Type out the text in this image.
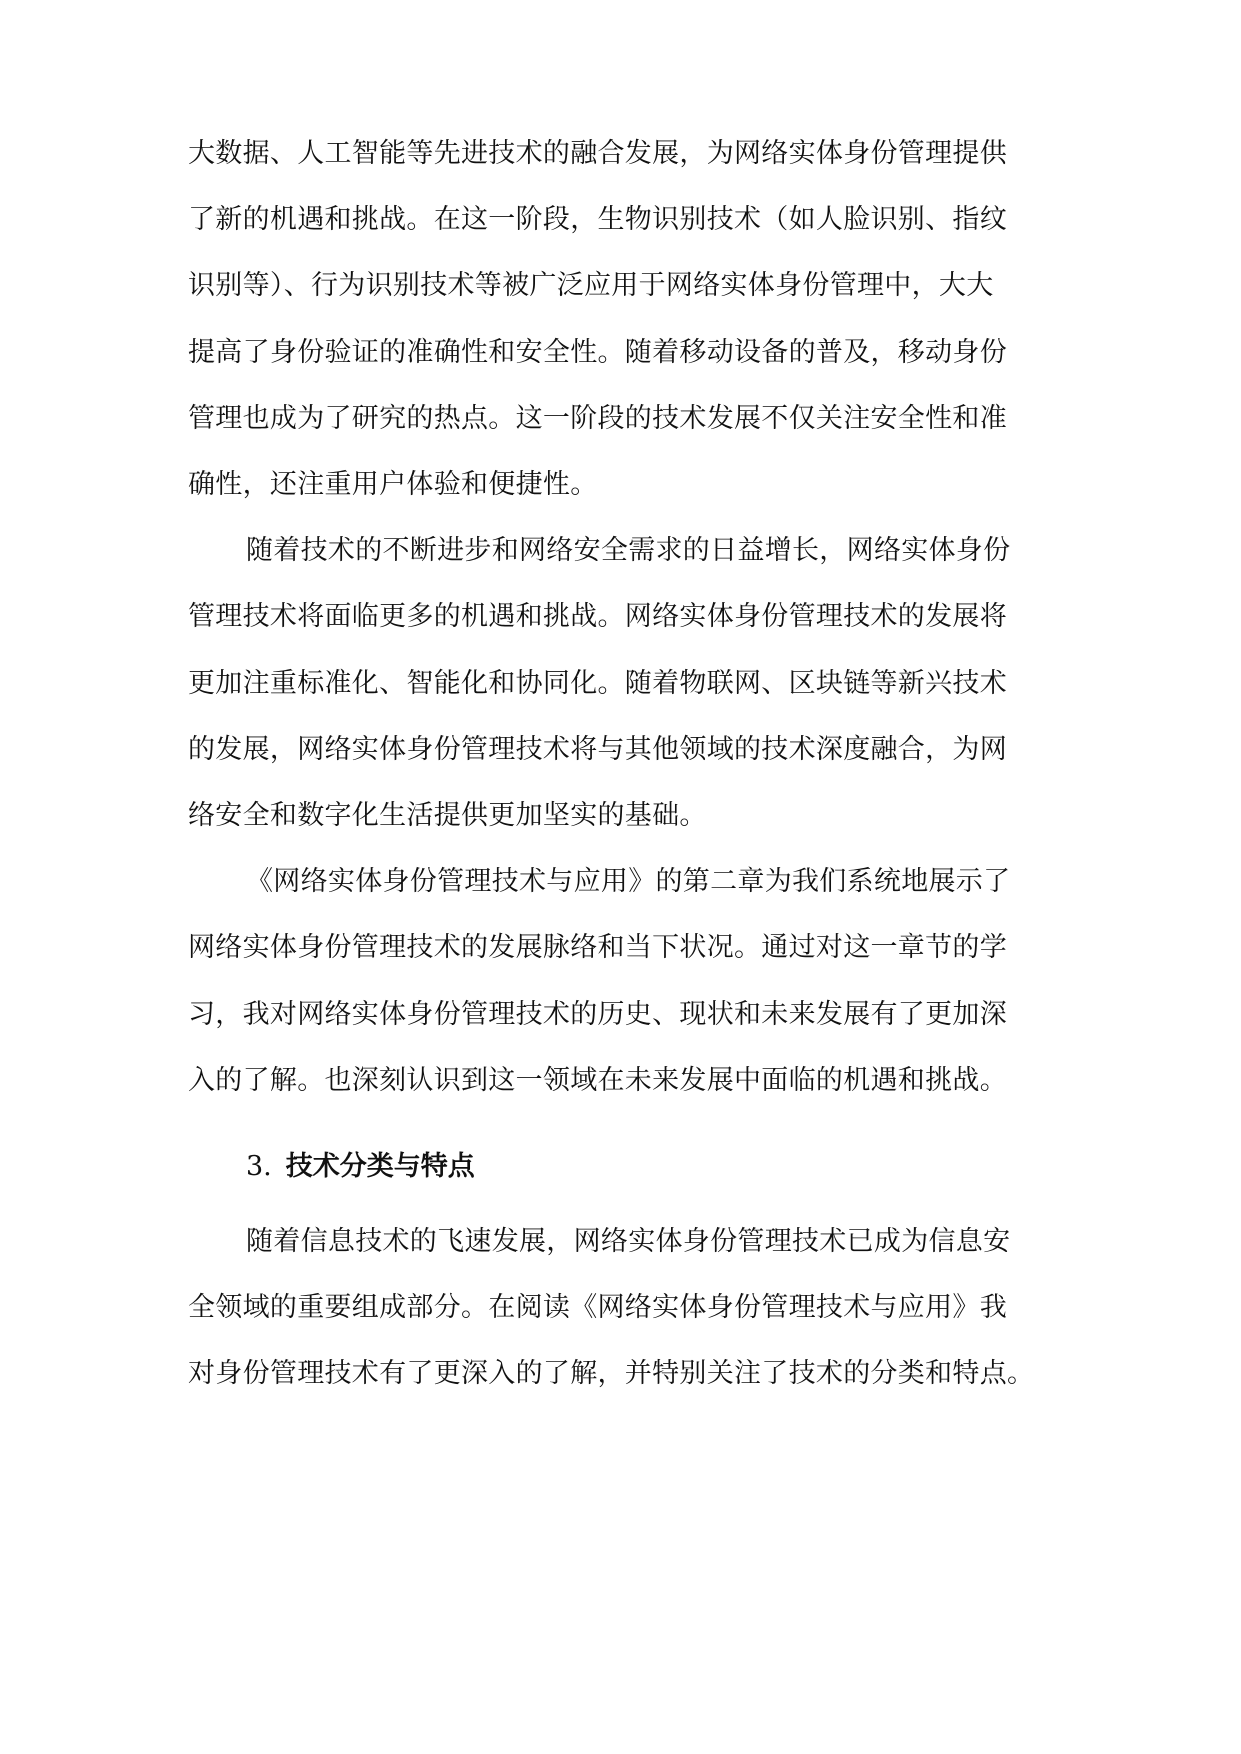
大数据、人工智能等先进技术的融合发展，为网络实体身份管理提供
了新的机遇和挑战。在这一阶段，生物识别技术（如人脸识别、指纹
识别等）、行为识别技术等被广泛应用于网络实体身份管理中，大大
提高了身份验证的准确性和安全性。随着移动设备的普及，移动身份
管理也成为了研究的热点。这一阶段的技术发展不仅关注安全性和准
确性，还注重用户体验和便捷性。
随着技术的不断进步和网络安全需求的日益增长，网络实体身份
管理技术将面临更多的机遇和挑战。网络实体身份管理技术的发展将
更加注重标准化、智能化和协同化。随着物联网、区块链等新兴技术
的发展，网络实体身份管理技术将与其他领域的技术深度融合，为网
络安全和数字化生活提供更加坚实的基础。
《网络实体身份管理技术与应用》的第二章为我们系统地展示了
网络实体身份管理技术的发展脉络和当下状况。通过对这一章节的学
习，我对网络实体身份管理技术的历史、现状和未来发展有了更加深
入的了解。也深刻认识到这一领域在未来发展中面临的机遇和挑战。
3. 技术分类与特点
随着信息技术的飞速发展，网络实体身份管理技术已成为信息安
全领域的重要组成部分。在阅读《网络实体身份管理技术与应用》我
对身份管理技术有了更深入的了解，并特别关注了技术的分类和特点。
